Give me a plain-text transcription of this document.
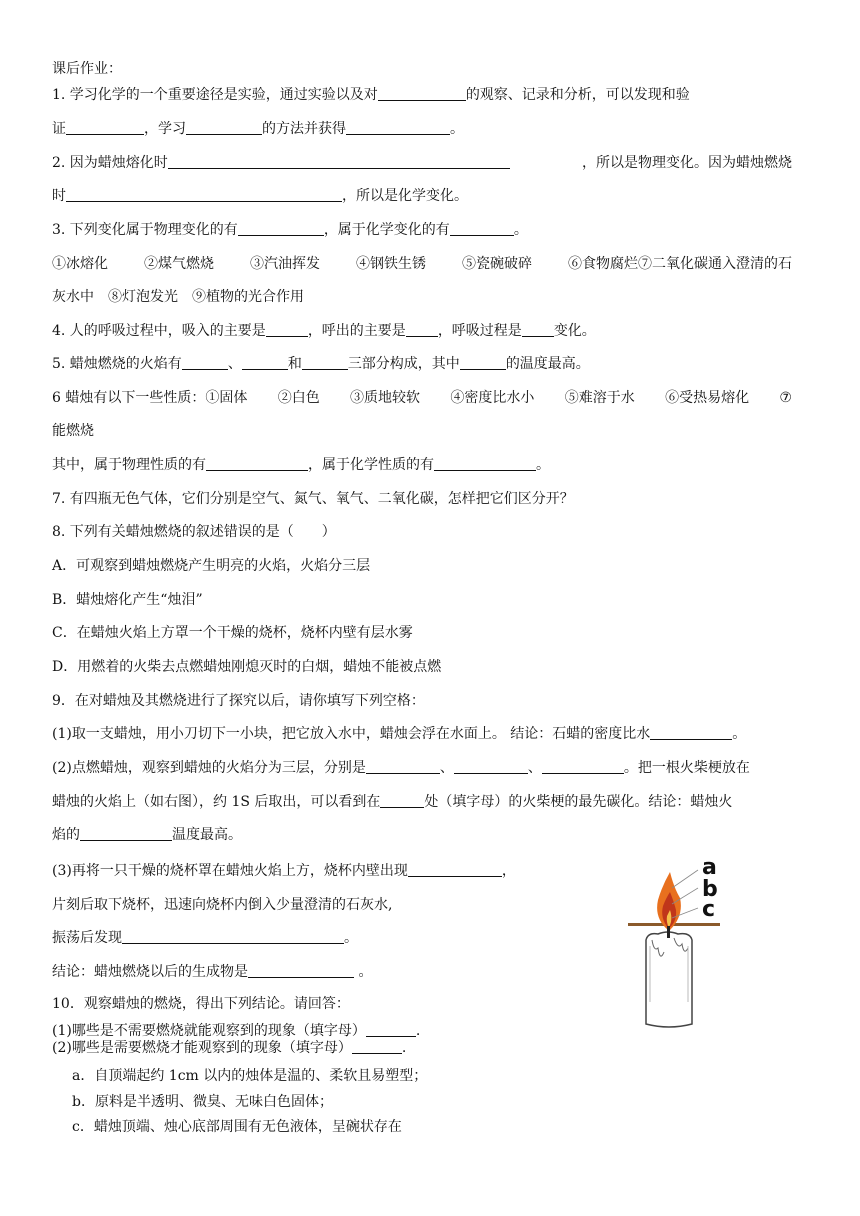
课后作业：
1. 学习化学的一个重要途径是实验，通过实验以及对	的观察、记录和分析，可以发现和验
证	，学习	的方法并获得	。
2. 因为蜡烛熔化时	，所以是物理变化。因为蜡烛燃烧
时	，所以是化学变化。
3. 下列变化属于物理变化的有	，属于化学变化的有	。
①冰熔化	②煤气燃烧	③汽油挥发	④钢铁生锈	⑤瓷碗破碎	⑥食物腐烂⑦二氧化碳通入澄清的石
灰水中　⑧灯泡发光　⑨植物的光合作用
4. 人的呼吸过程中，吸入的主要是	，呼出的主要是 ，呼吸过程是 变化。
5. 蜡烛燃烧的火焰有	、	和	三部分构成，其中	的温度最高。
6 蜡烛有以下一些性质：①固体 ②白色 ③质地较软 ④密度比水小 ⑤难溶于水 ⑥受热易熔化 ⑦
能燃烧
其中，属于物理性质的有	，属于化学性质的有	。
7. 有四瓶无色气体，它们分别是空气、氮气、氧气、二氧化碳，怎样把它们区分开？
8. 下列有关蜡烛燃烧的叙述错误的是（　　）
A．可观察到蜡烛燃烧产生明亮的火焰，火焰分三层
B．蜡烛熔化产生“烛泪”
C．在蜡烛火焰上方罩一个干燥的烧杯，烧杯内壁有层水雾
D．用燃着的火柴去点燃蜡烛刚熄灭时的白烟，蜡烛不能被点燃
9．在对蜡烛及其燃烧进行了探究以后，请你填写下列空格：
(1)取一支蜡烛，用小刀切下一小块，把它放入水中，蜡烛会浮在水面上。 结论：石蜡的密度比水	。
(2)点燃蜡烛，观察到蜡烛的火焰分为三层，分别是	、	、	。把一根火柴梗放在
蜡烛的火焰上（如右图），约 1S 后取出，可以看到在	处（填字母）的火柴梗的最先碳化。结论：蜡烛火
焰的	温度最高。
(3)再将一只干燥的烧杯罩在蜡烛火焰上方，烧杯内壁出现	，
片刻后取下烧杯，迅速向烧杯内倒入少量澄清的石灰水,
振荡后发现	。
结论：蜡烛燃烧以后的生成物是	。
10．观察蜡烛的燃烧，得出下列结论。请回答：
(1)哪些是不需要燃烧就能观察到的现象（填字母）	.
(2)哪些是需要燃烧才能观察到的现象（填字母）	.
a．自顶端起约 1cm 以内的烛体是温的、柔软且易塑型；
b．原料是半透明、微臭、无味白色固体；
c．蜡烛顶端、烛心底部周围有无色液体，呈碗状存在
a
b
c
